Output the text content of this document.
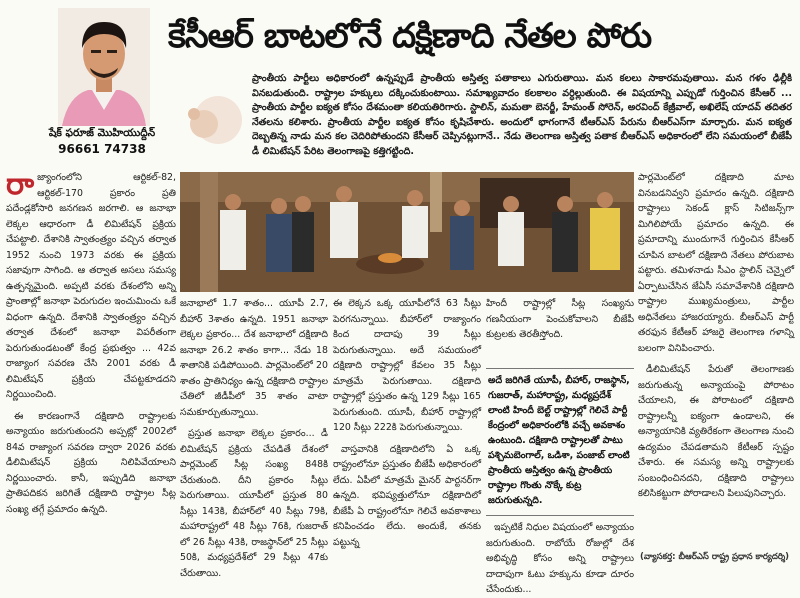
షేక్ ఫరూజ్ మొహియుద్దీన్
96661 74738
కేసీఆర్ బాటలోనే దక్షిణాది నేతల పోరు

ప్రాంతీయ పార్టీలు అధికారంలో ఉన్నప్పుడే ప్రాంతీయ అస్తిత్వ పతాకాలు ఎగురుతాయి. మన కలలు సాకారమవుతాయి. మన గళం ఢిల్లీకి వినబడుతుంది. రాష్ట్రాల హక్కులు దక్కించుకుంటాయి. సమాఖ్యవాదం కలకాలం వర్ధిల్లుతుంది. ఈ విషయాన్ని ఎప్పుడో గుర్తించిన కేసీఆర్ ... ప్రాంతీయ పార్టీల ఐక్యత కోసం దేశమంతా కలియతిరిగారు. స్టాలిన్, మమతా బెనర్జీ, హేమంత్ సోరెన్, అరవింద్ కేజ్రీవాల్, అఖిలేష్ యాదవ్ తదితర నేతలను కలిశారు. ప్రాంతీయ పార్టీల ఐక్యత కోసం కృషిచేశారు. అందులో భాగంగానే టీఆర్ఎస్ పేరును బీఆర్ఎస్‌గా మార్చారు. మన ఐక్యత దెబ్బతిన్న నాడు మన కల చెదిరిపోతుందని కేసీఆర్ చెప్పినట్లుగానే.. నేడు తెలంగాణ అస్తిత్వ పతాక బీఆర్ఎస్ అధికారంలో లేని సమయంలో బీజేపీ డీ లిమిటేషన్ పేరిట తెలంగాణపై కత్తిగట్టింది.

రాజ్యాంగంలోని ఆర్టికల్-82, ఆర్టికల్-170 ప్రకారం ప్రతి పదేండ్లకోసారి జనగణన జరగాలి. ఆ జనాభా లెక్కల ఆధారంగా డీ లిమిటేషన్ ప్రక్రియ చేపట్టాలి. దేశానికి స్వాతంత్ర్యం వచ్చిన తర్వాత 1952 నుంచి 1973 వరకు ఈ ప్రక్రియ సజావుగా సాగింది. ఆ తర్వాత అసలు సమస్య ఉత్పన్నమైంది. అప్పటి వరకు దేశంలోని అన్ని ప్రాంతాల్లో జనాభా పెరుగుదల ఇంచుమించు ఒకే విధంగా ఉన్నది. దేశానికి స్వాతంత్ర్యం వచ్చిన తర్వాత దేశంలో జనాభా విపరీతంగా పెరుగుతుండటంతో కేంద్ర ప్రభుత్వం ... 42వ రాజ్యాంగ సవరణ చేసి 2001 వరకు డీ లిమిటేషన్ ప్రక్రియ చేపట్టకూడదని నిర్ణయించింది.

ఈ కారణంగానే దక్షిణాది రాష్ట్రాలకు అన్యాయం జరుగుతుందని అప్పట్లో 2002లో 84వ రాజ్యాంగ సవరణ ద్వారా 2026 వరకు డీలిమిటేషన్ ప్రక్రియ నిలిపివేయాలని నిర్ణయించారు. కానీ, ఇప్పుడిది జనాభా ప్రాతిపదికన జరిగితే దక్షిణాది రాష్ట్రాల సీట్ల సంఖ్య తగ్గే ప్రమాదం ఉన్నది.

జనాభాలో 1.7 శాతం... యూపీ 2.7, బీహార్ 3శాతం ఉన్నది. 1951 జనాభా లెక్కల ప్రకారం... దేశ జనాభాలో దక్షిణాది జనాభా 26.2 శాతం కాగా... నేడు 18 శాతానికి పడిపోయింది. పార్లమెంట్‌లో 20 శాతం ప్రాతినిధ్యం ఉన్న దక్షిణాది రాష్ట్రాల చేతిలో జీడీపీలో 35 శాతం వాటా సమకూర్చుతున్నాయి.

ప్రస్తుత జనాభా లెక్కల ప్రకారం... డీ లిమిటేషన్ ప్రక్రియ చేపడితే దేశంలో పార్లమెంట్ సీట్ల సంఖ్య 848కి చేరుతుంది. దీని ప్రకారం సీట్లు పెరుగుతాయి. యూపీలో ప్రస్తుత 80 సీట్లు 143కి, బీహార్‌లో 40 సీట్లు 79కి, మహారాష్ట్రలో 48 సీట్లు 76కి, గుజరాత్ లో 26 సీట్లు 43కి, రాజస్థాన్‌లో 25 సీట్లు 50కి, మధ్యప్రదేశ్‌లో 29 సీట్లు 47కు చేరుతాయి.

ఈ లెక్కన ఒక్క యూపీలోనే 63 సీట్లు పెరగనున్నాయి. బీహార్‌లో రాజ్యాంగం కింద దాదాపు 39 సీట్లు పెరుగుతున్నాయి. అదే సమయంలో దక్షిణాది రాష్ట్రాల్లో కేవలం 35 సీట్లు మాత్రమే పెరుగుతాయి. దక్షిణాది రాష్ట్రాల్లో ప్రస్తుతం ఉన్న 129 సీట్లు 165 పెరుగుతుంది. యూపీ, బీహార్ రాష్ట్రాల్లో 120 సీట్లు 222కి పెరుగుతున్నాయి.

వాస్తవానికి దక్షిణాదిలోని ఏ ఒక్క రాష్ట్రంలోనూ ప్రస్తుతం బీజేపీ అధికారంలో లేదు. ఏపీలో మాత్రమే మైనర్ పార్టనర్‌గా ఉన్నది. భవిష్యత్తులోనూ దక్షిణాదిలో బీజేపీ ఏ రాష్ట్రంలోనూ గెలిచే అవకాశాలు కనిపించడం లేదు. అందుకే, తనకు పట్టున్న

హిందీ రాష్ట్రాల్లో సీట్ల సంఖ్యను గణనీయంగా పెంచుకోవాలని బీజేపీ కుట్రలకు తెరతీస్తోంది.

అదే జరిగితే యూపీ, బీహార్, రాజస్థాన్, గుజరాత్, మహారాష్ట్ర, మధ్యప్రదేశ్ లాంటి హిందీ బెల్ట్ రాష్ట్రాల్లో గెలిచే పార్టీ కేంద్రంలో అధికారంలోకి వచ్చే అవకాశం ఉంటుంది. దక్షిణాది రాష్ట్రాలతో పాటు పశ్చిమబెంగాల్, ఒడిశా, పంజాబ్ లాంటి ప్రాంతీయ అస్తిత్వం ఉన్న ప్రాంతీయ రాష్ట్రాల గొంతు నొక్కే కుట్ర జరుగుతున్నది.

ఇప్పటికే నిధుల విషయంలో అన్యాయం జరుగుతుంది. రాబోయే రోజుల్లో దేశ అభివృద్ధి కోసం అన్ని రాష్ట్రాలు దాదాపుగా ఓటు హక్కును కూడా దూరం చేసేందుకు...

పార్లమెంట్‌లో దక్షిణాది మాట వినబడనివ్వని ప్రమాదం ఉన్నది. దక్షిణాది రాష్ట్రాలు సెకండ్ క్లాస్ సిటిజన్స్‌గా మిగిలిపోయే ప్రమాదం ఉన్నది. ఈ ప్రమాదాన్ని ముందుగానే గుర్తించిన కేసీఆర్ చూపిన బాటలో దక్షిణాది నేతలు పోరుబాట పట్టారు. తమిళనాడు సీఎం స్టాలిన్ చెన్నైలో ఏర్పాటుచేసిన జేఏసీ సమావేశానికి దక్షిణాది రాష్ట్రాల ముఖ్యమంత్రులు, పార్టీల అధినేతలు హాజరయ్యారు. బీఆర్ఎస్ పార్టీ తరఫున కేటీఆర్ హాజరై తెలంగాణ గళాన్ని బలంగా వినిపించారు.

డీలిమిటేషన్ పేరుతో తెలంగాణకు జరుగుతున్న అన్యాయంపై పోరాటం చేయాలని, ఈ పోరాటంలో దక్షిణాది రాష్ట్రాలన్నీ ఐక్యంగా ఉండాలని, ఈ అన్యాయానికి వ్యతిరేకంగా తెలంగాణ నుంచి ఉద్యమం చేపడతామని కేటీఆర్ స్పష్టం చేశారు. ఈ సమస్య అన్ని రాష్ట్రాలకు సంబంధించినదని, దక్షిణాది రాష్ట్రాలు కలిసికట్టుగా పోరాడాలని పిలుపునిచ్చారు.

(వ్యాసకర్త: బీఆర్ఎస్ రాష్ట్ర ప్రధాన కార్యదర్శి)
